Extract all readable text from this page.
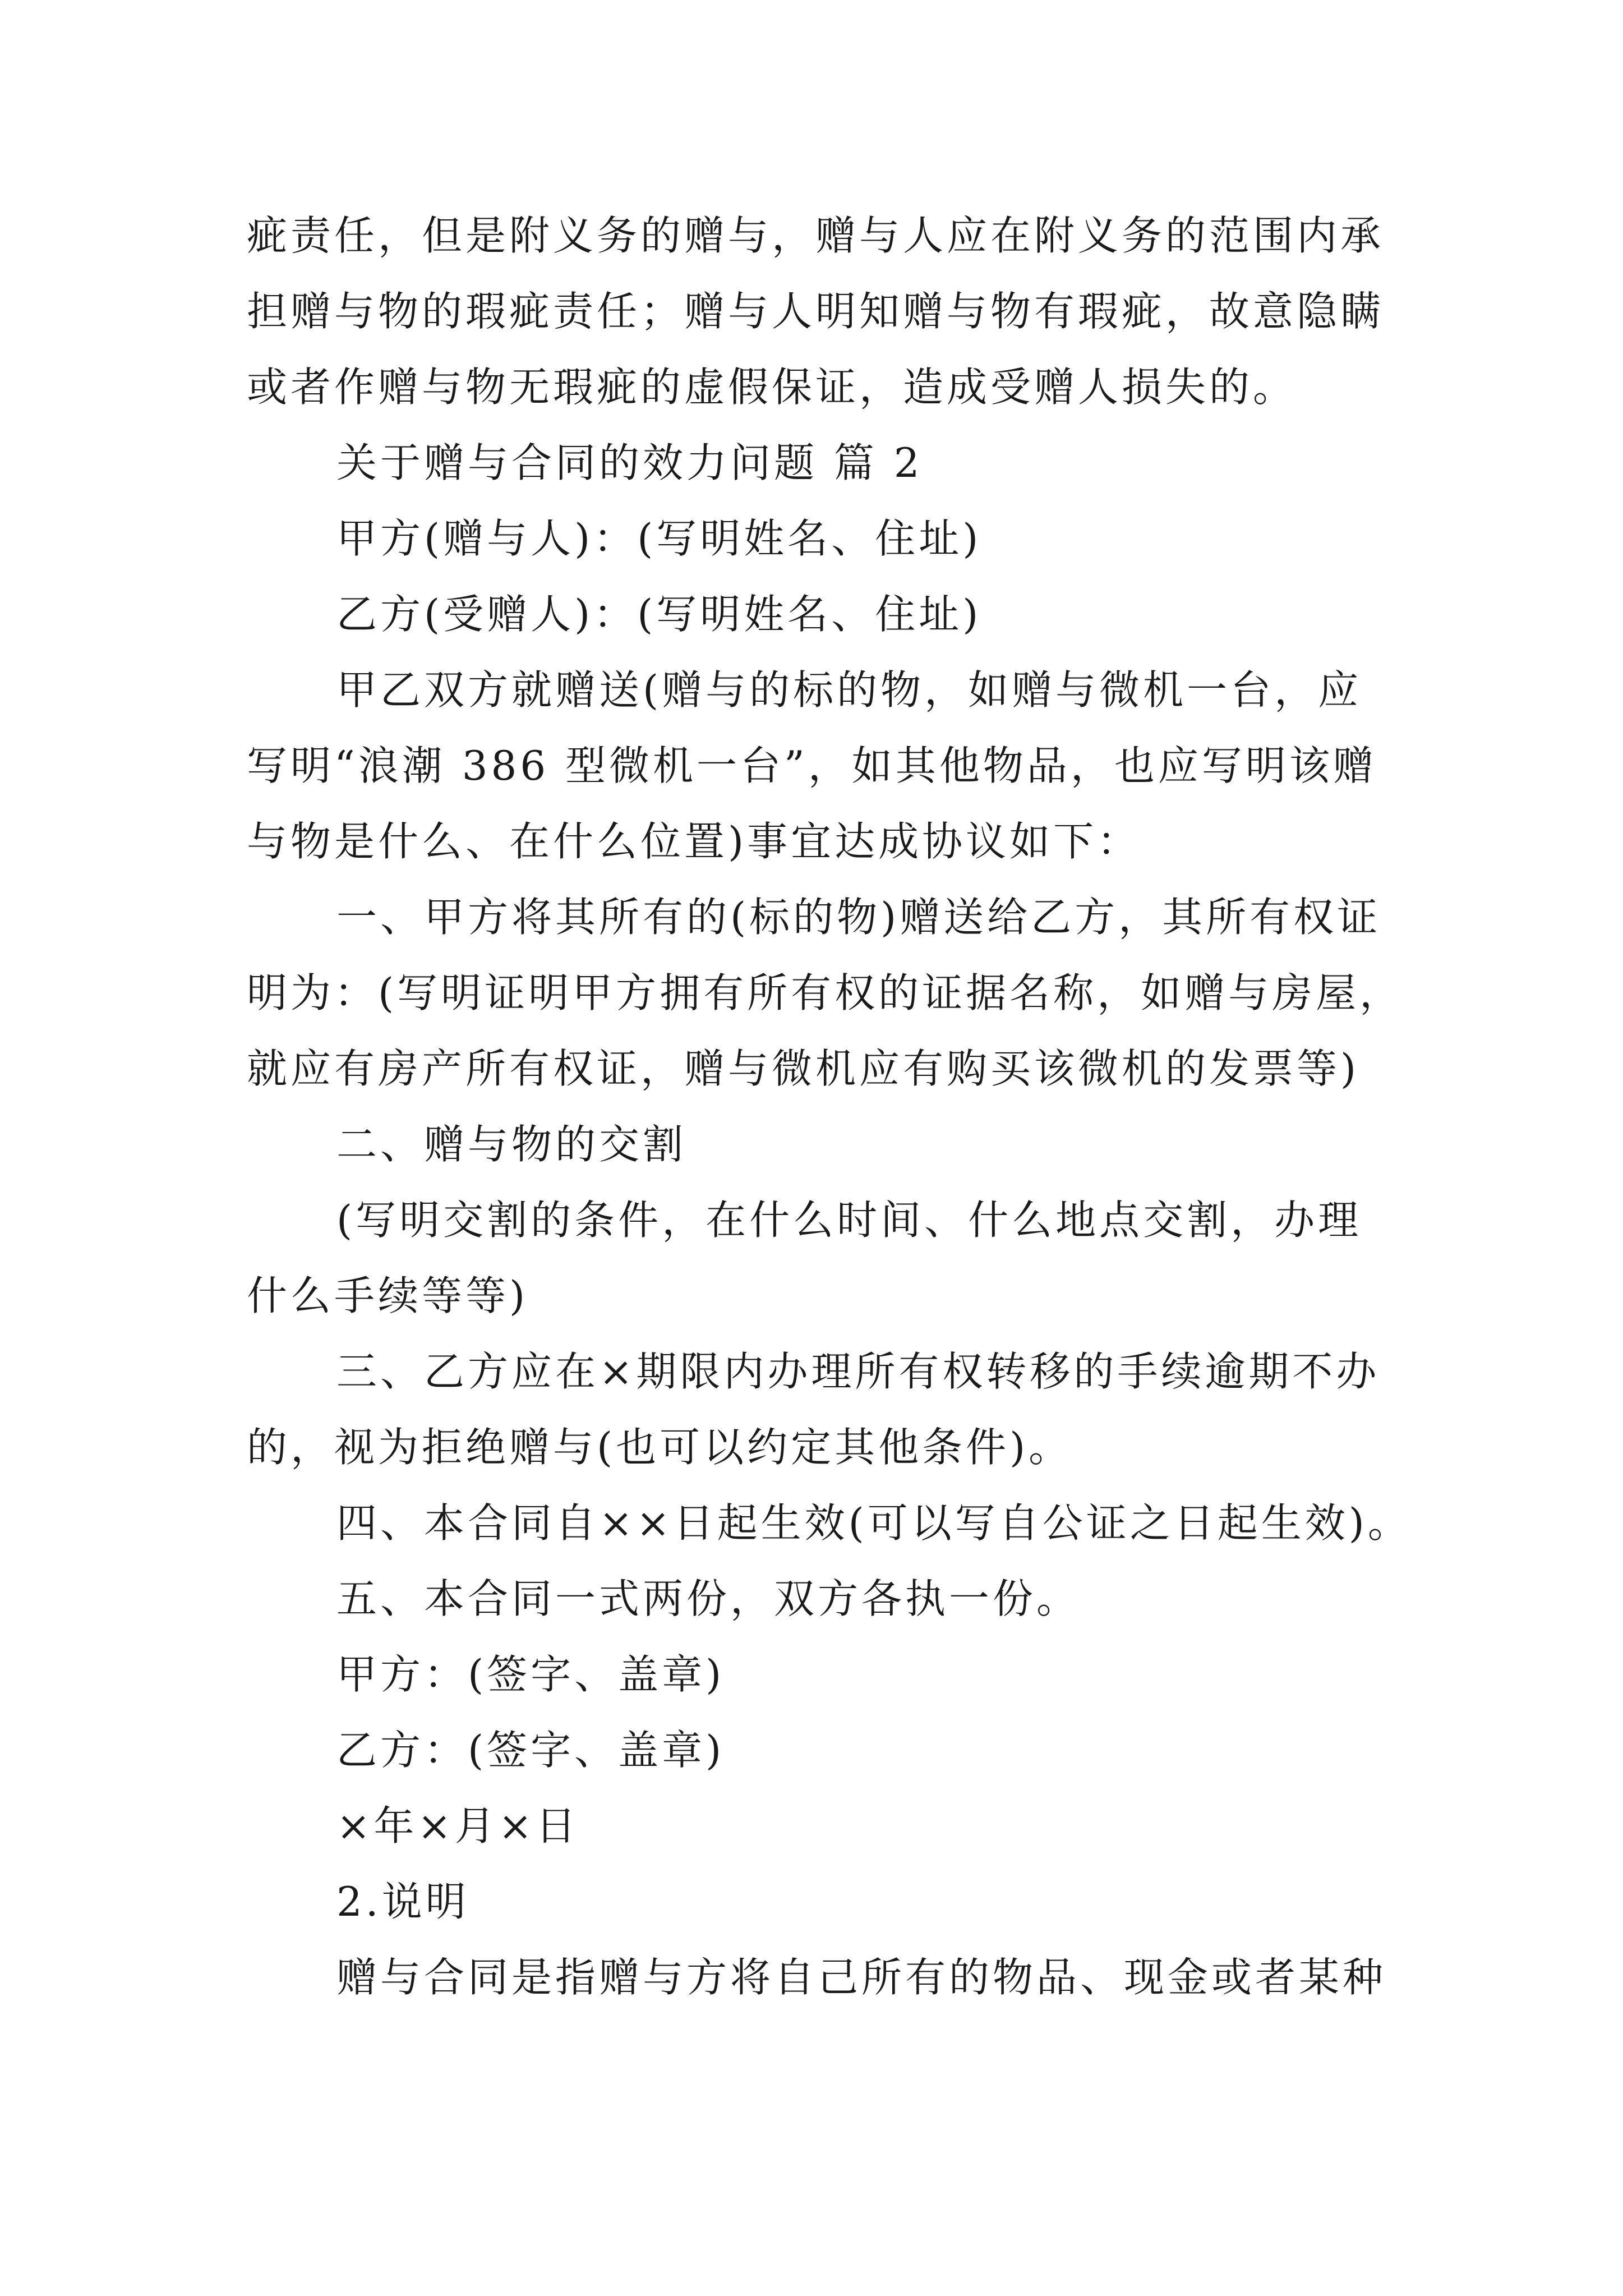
疵责任，但是附义务的赠与，赠与人应在附义务的范围内承
担赠与物的瑕疵责任；赠与人明知赠与物有瑕疵，故意隐瞒
或者作赠与物无瑕疵的虚假保证，造成受赠人损失的。
关于赠与合同的效力问题 篇 2
甲方(赠与人)：(写明姓名、住址)
乙方(受赠人)：(写明姓名、住址)
甲乙双方就赠送(赠与的标的物，如赠与微机一台，应
写明“浪潮 386 型微机一台”，如其他物品，也应写明该赠
与物是什么、在什么位置)事宜达成协议如下：
一、甲方将其所有的(标的物)赠送给乙方，其所有权证
明为：(写明证明甲方拥有所有权的证据名称，如赠与房屋，
就应有房产所有权证，赠与微机应有购买该微机的发票等)
二、赠与物的交割
(写明交割的条件，在什么时间、什么地点交割，办理
什么手续等等)
三、乙方应在×期限内办理所有权转移的手续逾期不办
的，视为拒绝赠与(也可以约定其他条件)。
四、本合同自××日起生效(可以写自公证之日起生效)。
五、本合同一式两份，双方各执一份。
甲方：(签字、盖章)
乙方：(签字、盖章)
×年×月×日
2.说明
赠与合同是指赠与方将自己所有的物品、现金或者某种
